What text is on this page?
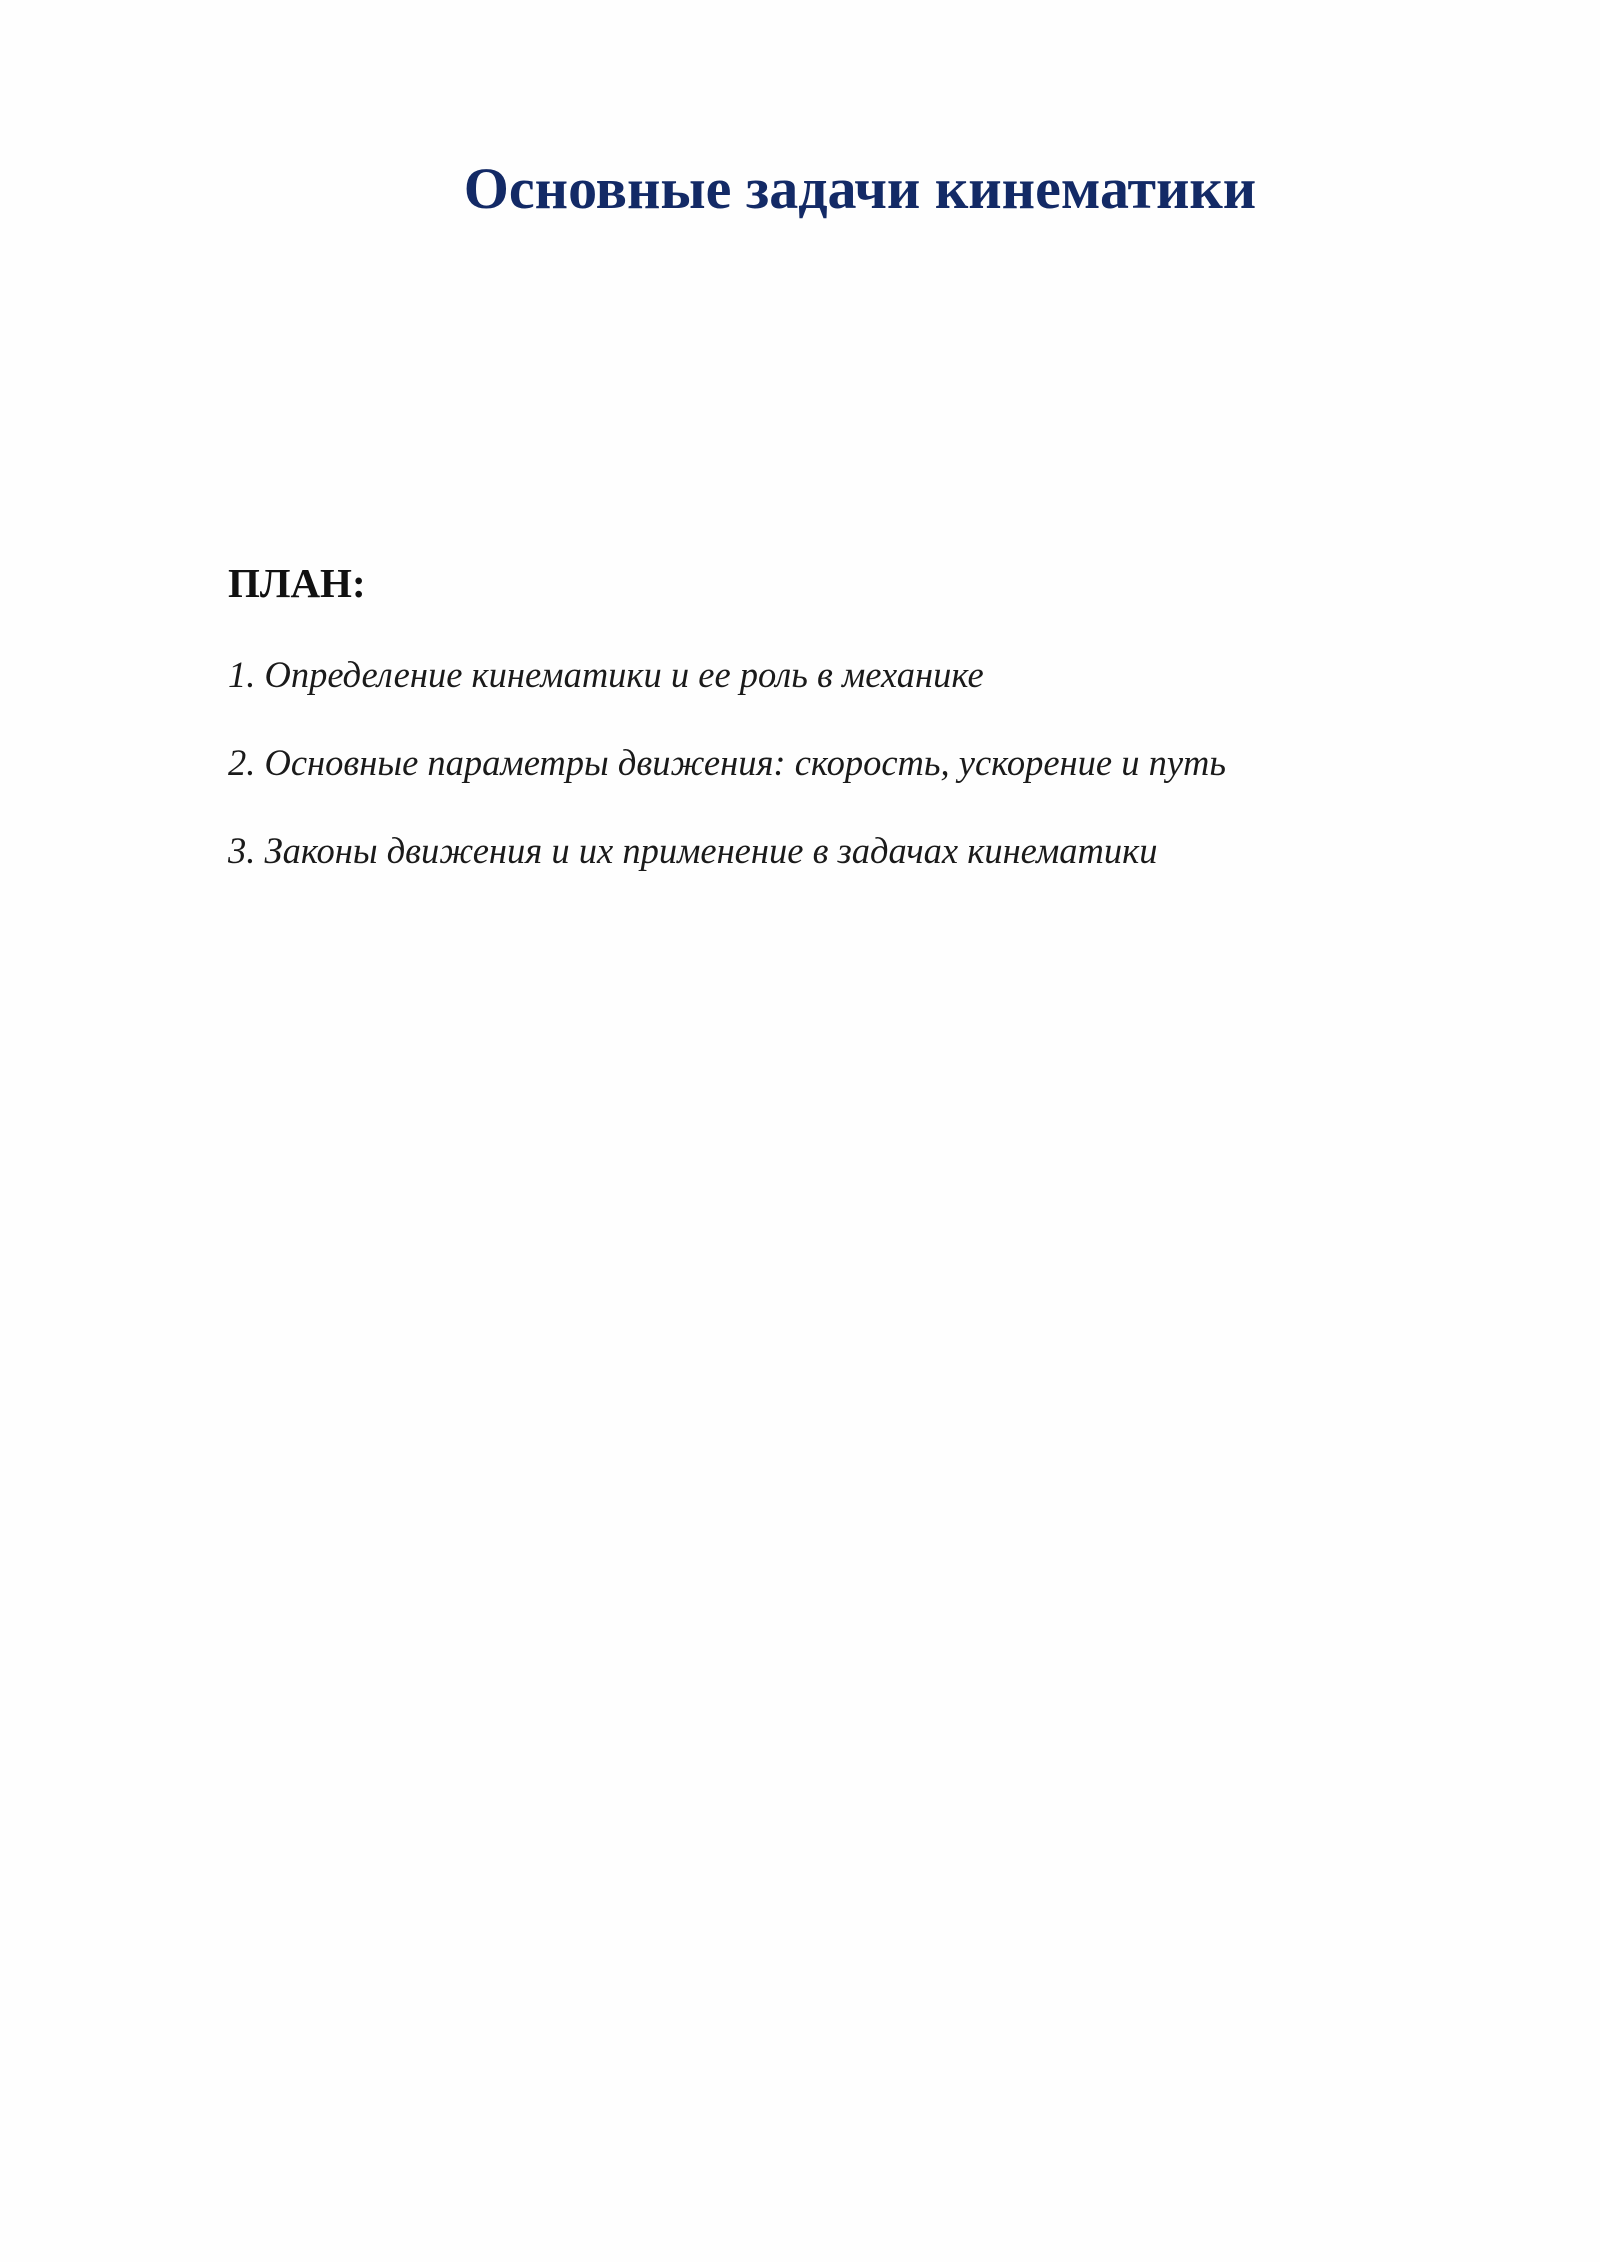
Основные задачи кинематики
ПЛАН:
1. Определение кинематики и ее роль в механике
2. Основные параметры движения: скорость, ускорение и путь
3. Законы движения и их применение в задачах кинематики
